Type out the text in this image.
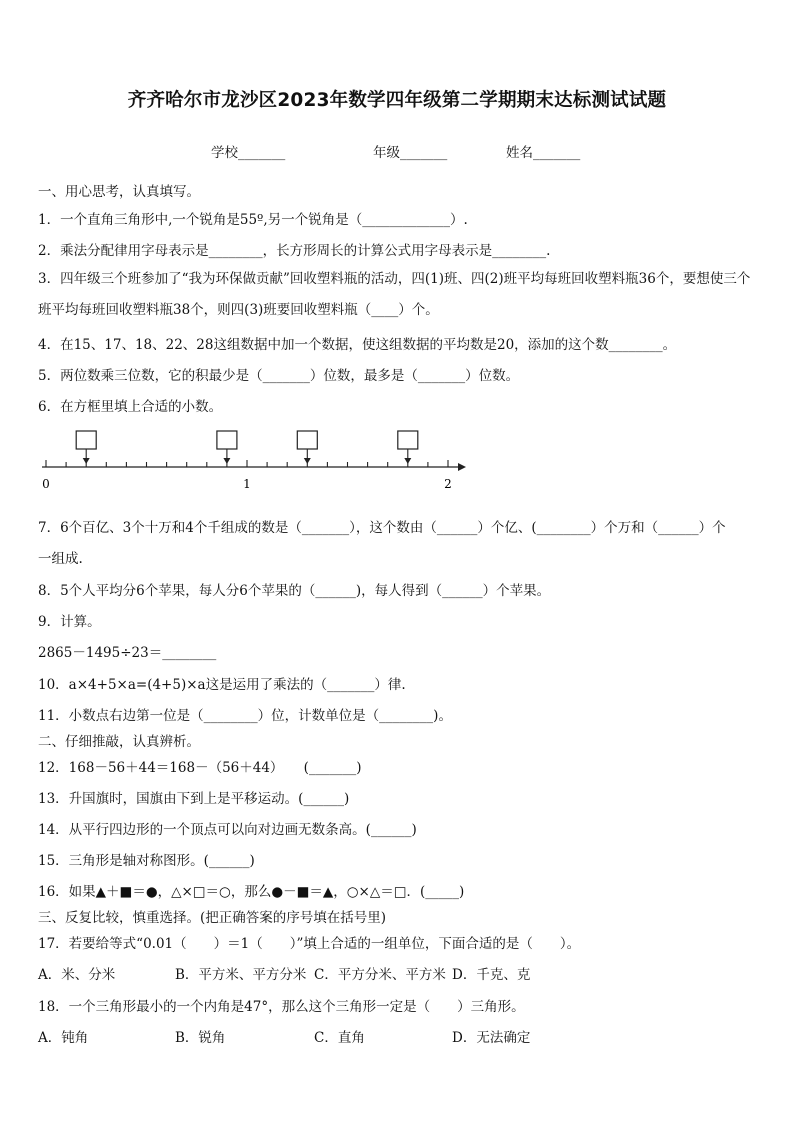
齐齐哈尔市龙沙区2023年数学四年级第二学期期末达标测试试题
学校_______	年级_______	姓名_______
一、用心思考，认真填写。
1．一个直角三角形中,一个锐角是55º,另一个锐角是（_____________）.
2．乘法分配律用字母表示是________，长方形周长的计算公式用字母表示是________.
3．四年级三个班参加了“我为环保做贡献”回收塑料瓶的活动，四(1)班、四(2)班平均每班回收塑料瓶36个，要想使三个班平均每班回收塑料瓶38个，则四(3)班要回收塑料瓶（____）个。
4．在15、17、18、22、28这组数据中加一个数据，使这组数据的平均数是20，添加的这个数________。
5．两位数乘三位数，它的积最少是（_______）位数，最多是（_______）位数。
6．在方框里填上合适的小数。
0	1	2
7．6个百亿、3个十万和4个千组成的数是（_______），这个数由（______）个亿、(________）个万和（______）个
一组成.
8．5个人平均分6个苹果，每人分6个苹果的（______)，每人得到（______）个苹果。
9．计算。
2865－1495÷23＝________
10．a×4+5×a=(4+5)×a这是运用了乘法的（_______）律.
11．小数点右边第一位是（________）位，计数单位是（________)。
二、仔细推敲，认真辨析。
12．168－56＋44＝168－（56＋44）　　(_______)
13．升国旗时，国旗由下到上是平移运动。(______)
14．从平行四边形的一个顶点可以向对边画无数条高。(______)
15．三角形是轴对称图形。(______)
16．如果▲＋■＝●，△×□＝○，那么●－■＝▲，○×△＝□．(_____)
三、反复比较，慎重选择。(把正确答案的序号填在括号里)
17．若要给等式“0.01（　　）＝1（　　）”填上合适的一组单位，下面合适的是（　　）。
A．米、分米	B．平方米、平方分米 C．平方分米、平方米 D．千克、克
18．一个三角形最小的一个内角是47°，那么这个三角形一定是（　　）三角形。
A．钝角	B．锐角	C．直角	D．无法确定
